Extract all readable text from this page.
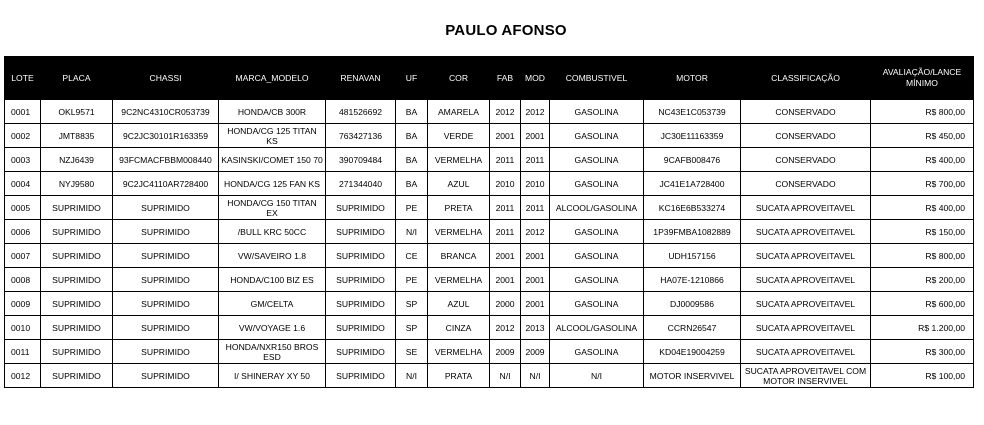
PAULO AFONSO
LOTE	PLACA	CHASSI	MARCA_MODELO	RENAVAN	UF	COR	FAB	MOD	COMBUSTIVEL	MOTOR	CLASSIFICAÇÃO	AVALIAÇÃO/LANCE MÍNIMO
0001	OKL9571	9C2NC4310CR053739	HONDA/CB 300R	481526692	BA	AMARELA	2012	2012	GASOLINA	NC43E1C053739	CONSERVADO	R$ 800,00
0002	JMT8835	9C2JC30101R163359	HONDA/CG 125 TITAN KS	763427136	BA	VERDE	2001	2001	GASOLINA	JC30E11163359	CONSERVADO	R$ 450,00
0003	NZJ6439	93FCMACFBBM008440	KASINSKI/COMET 150 70	390709484	BA	VERMELHA	2011	2011	GASOLINA	9CAFB008476	CONSERVADO	R$ 400,00
0004	NYJ9580	9C2JC4110AR728400	HONDA/CG 125 FAN KS	271344040	BA	AZUL	2010	2010	GASOLINA	JC41E1A728400	CONSERVADO	R$ 700,00
0005	SUPRIMIDO	SUPRIMIDO	HONDA/CG 150 TITAN EX	SUPRIMIDO	PE	PRETA	2011	2011	ALCOOL/GASOLINA	KC16E6B533274	SUCATA APROVEITAVEL	R$ 400,00
0006	SUPRIMIDO	SUPRIMIDO	/BULL KRC 50CC	SUPRIMIDO	N/I	VERMELHA	2011	2012	GASOLINA	1P39FMBA1082889	SUCATA APROVEITAVEL	R$ 150,00
0007	SUPRIMIDO	SUPRIMIDO	VW/SAVEIRO 1.8	SUPRIMIDO	CE	BRANCA	2001	2001	GASOLINA	UDH157156	SUCATA APROVEITAVEL	R$ 800,00
0008	SUPRIMIDO	SUPRIMIDO	HONDA/C100 BIZ ES	SUPRIMIDO	PE	VERMELHA	2001	2001	GASOLINA	HA07E-1210866	SUCATA APROVEITAVEL	R$ 200,00
0009	SUPRIMIDO	SUPRIMIDO	GM/CELTA	SUPRIMIDO	SP	AZUL	2000	2001	GASOLINA	DJ0009586	SUCATA APROVEITAVEL	R$ 600,00
0010	SUPRIMIDO	SUPRIMIDO	VW/VOYAGE 1.6	SUPRIMIDO	SP	CINZA	2012	2013	ALCOOL/GASOLINA	CCRN26547	SUCATA APROVEITAVEL	R$ 1.200,00
0011	SUPRIMIDO	SUPRIMIDO	HONDA/NXR150 BROS ESD	SUPRIMIDO	SE	VERMELHA	2009	2009	GASOLINA	KD04E19004259	SUCATA APROVEITAVEL	R$ 300,00
0012	SUPRIMIDO	SUPRIMIDO	I/ SHINERAY XY 50	SUPRIMIDO	N/I	PRATA	N/I	N/I	N/I	MOTOR INSERVIVEL	SUCATA APROVEITAVEL COM MOTOR INSERVIVEL	R$ 100,00
